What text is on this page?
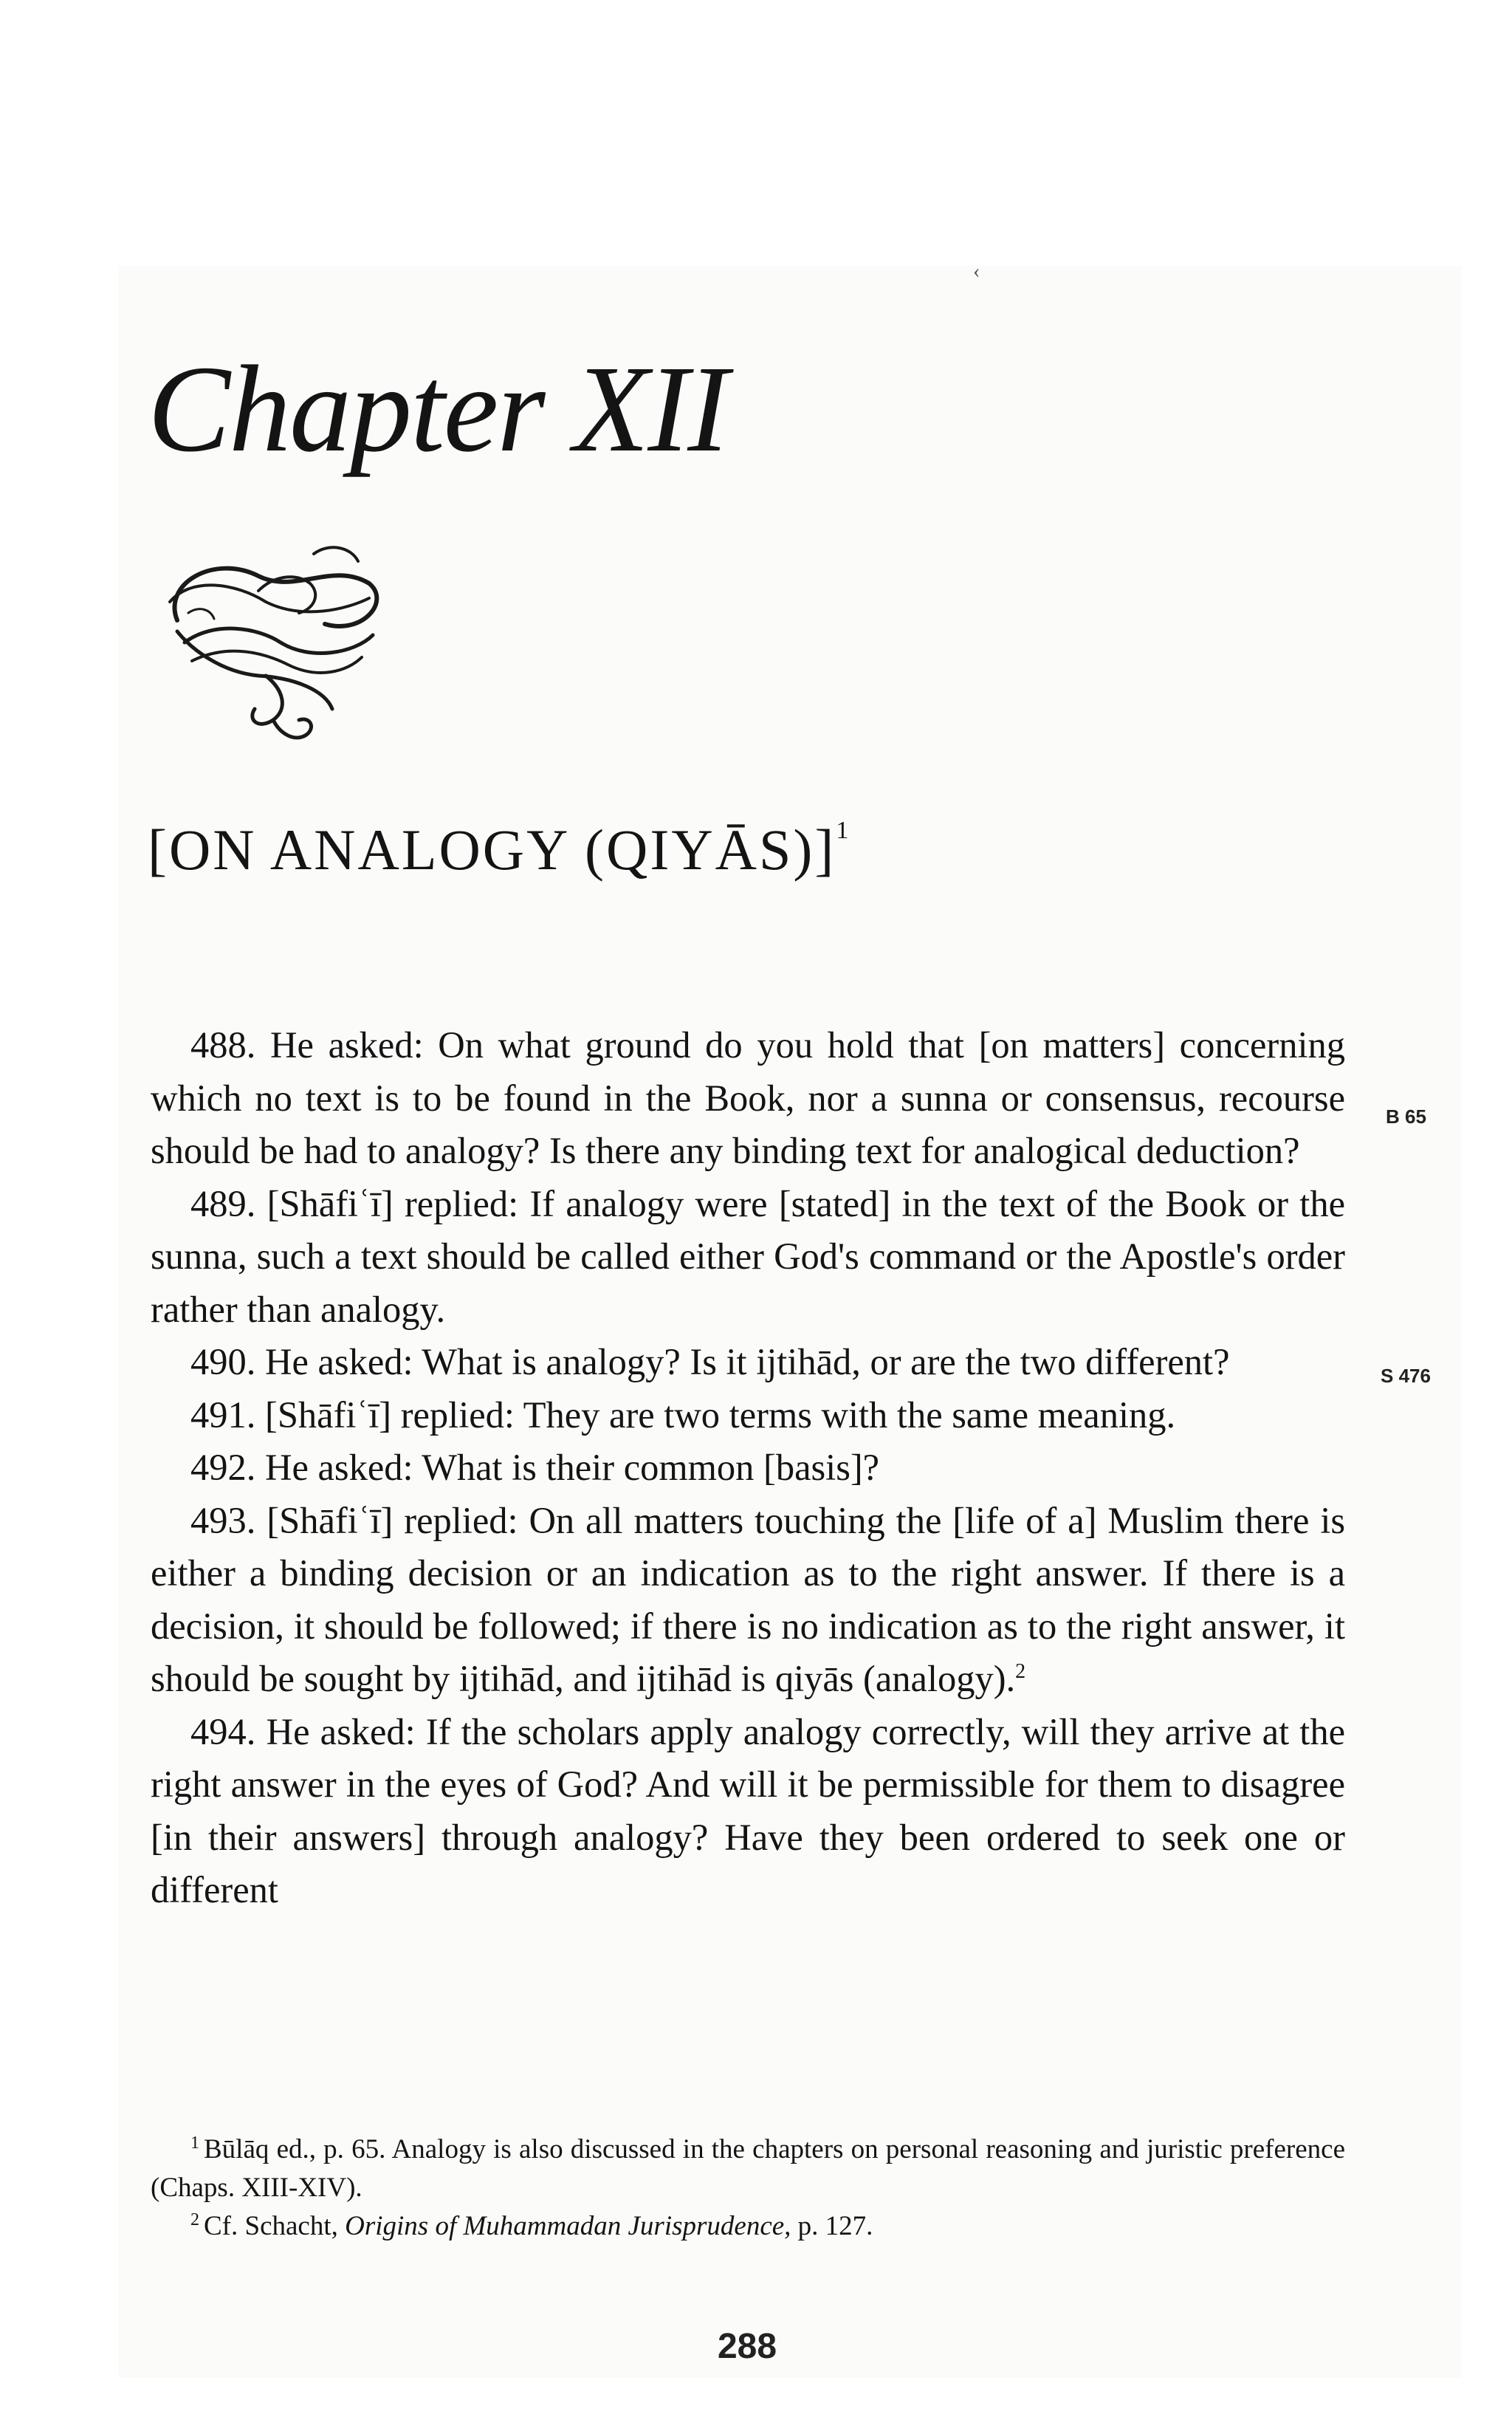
‹
Chapter XII
[ON ANALOGY (QIYĀS)]$^1$

488. He asked: On what ground do you hold that [on matters] concerning which no text is to be found in the Book, nor a sunna or consensus, recourse should be had to analogy? Is there any binding text for analogical deduction?

489. [Shāfiʿī] replied: If analogy were [stated] in the text of the Book or the sunna, such a text should be called either God's command or the Apostle's order rather than analogy.

490. He asked: What is analogy? Is it ijtihād, or are the two different?

491. [Shāfiʿī] replied: They are two terms with the same meaning.

492. He asked: What is their common [basis]?

493. [Shāfiʿī] replied: On all matters touching the [life of a] Muslim there is either a binding decision or an indication as to the right answer. If there is a decision, it should be followed; if there is no indication as to the right answer, it should be sought by ijtihād, and ijtihād is qiyās (analogy).$^2$

494. He asked: If the scholars apply analogy correctly, will they arrive at the right answer in the eyes of God? And will it be permissible for them to disagree [in their answers] through analogy? Have they been ordered to seek one or different

B 65
S 476

$^1$ Būlāq ed., p. 65. Analogy is also discussed in the chapters on personal reasoning and juristic preference (Chaps. XIII-XIV).

$^2$ Cf. Schacht, Origins of Muhammadan Jurisprudence, p. 127.

288
